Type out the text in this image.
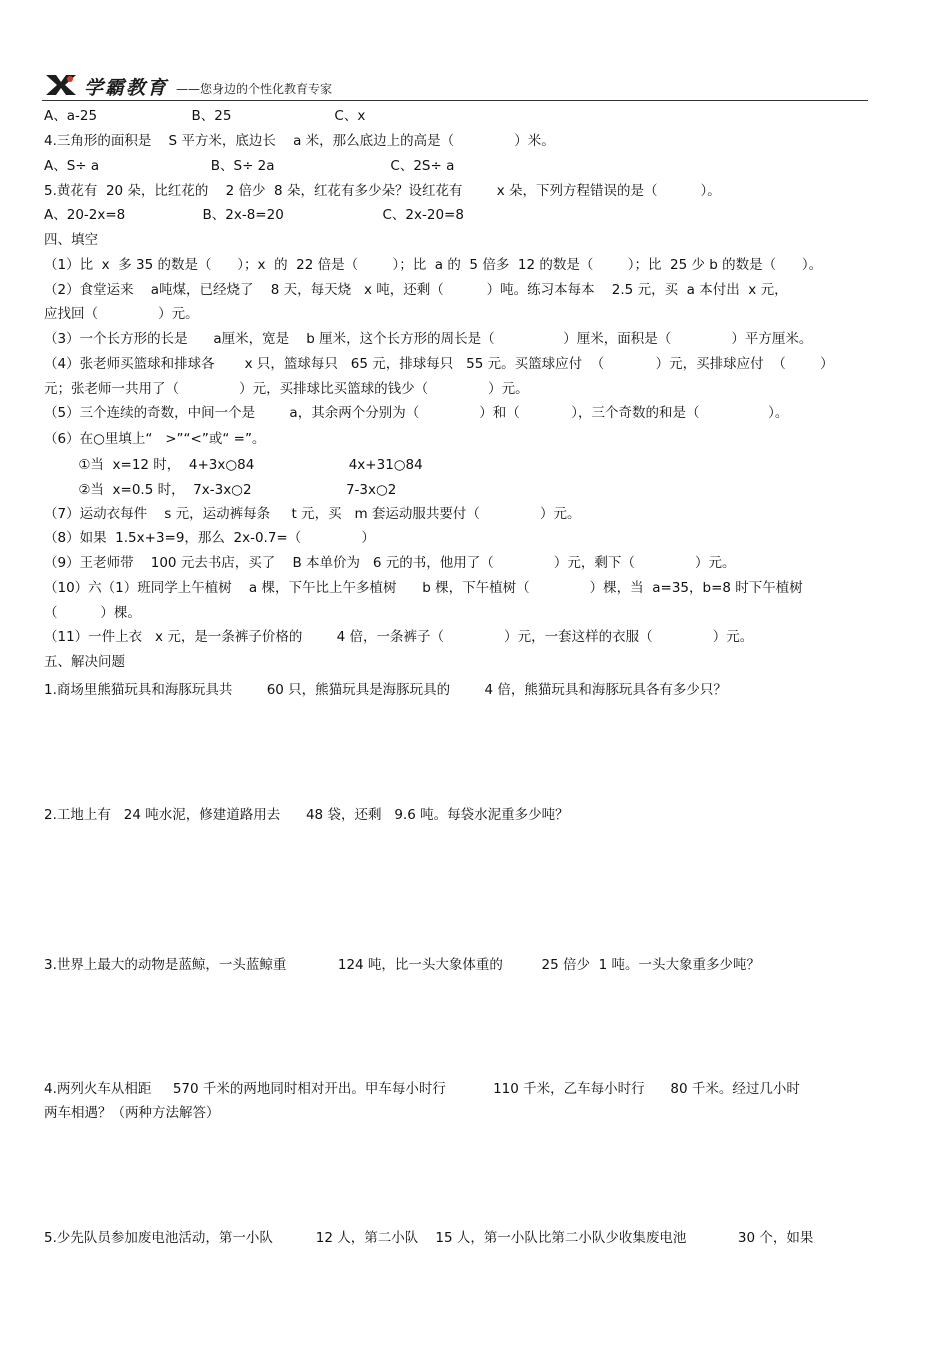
学霸教育 ——您身边的个性化教育专家
A、a-25                      B、25                        C、x
4.三角形的面积是    S 平方米，底边长    a 米，那么底边上的高是（              ）米。
A、S÷ a                          B、S÷ 2a                           C、2S÷ a
5.黄花有  20 朵，比红花的    2 倍少  8 朵，红花有多少朵？设红花有        x 朵，下列方程错误的是（          ）。
A、20-2x=8                  B、2x-8=20                       C、2x-20=8
四、填空
（1）比  x  多 35 的数是（      ）；x  的  22 倍是（        ）；比  a 的  5 倍多  12 的数是（        ）；比  25 少 b 的数是（      ）。
（2）食堂运来    a吨煤，已经烧了    8 天，每天烧   x 吨，还剩（          ）吨。练习本每本    2.5 元，买  a 本付出  x 元，
应找回（              ）元。
（3）一个长方形的长是      a厘米，宽是    b 厘米，这个长方形的周长是（                ）厘米，面积是（              ）平方厘米。
（4）张老师买篮球和排球各       x 只，篮球每只   65 元，排球每只   55 元。买篮球应付  （            ）元，买排球应付  （        ）
元；张老师一共用了（              ）元，买排球比买篮球的钱少（              ）元。
（5）三个连续的奇数，中间一个是        a，其余两个分别为（              ）和（            ），三个奇数的和是（                ）。
（6）在○里填上“   >”“<”或“ =”。
①当  x=12 时，  4+3x○84                      4x+31○84
②当  x=0.5 时，  7x-3x○2                      7-3x○2
（7）运动衣每件    s 元，运动裤每条     t 元，买   m 套运动服共要付（              ）元。
（8）如果  1.5x+3=9，那么  2x-0.7=（              ）
（9）王老师带    100 元去书店，买了    B 本单价为   6 元的书，他用了（              ）元，剩下（              ）元。
（10）六（1）班同学上午植树    a 棵，下午比上午多植树      b 棵，下午植树（              ）棵，当  a=35，b=8 时下午植树
（          ）棵。
（11）一件上衣   x 元，是一条裤子价格的        4 倍，一条裤子（              ）元，一套这样的衣服（              ）元。
五、解决问题
1.商场里熊猫玩具和海豚玩具共        60 只，熊猫玩具是海豚玩具的        4 倍，熊猫玩具和海豚玩具各有多少只？
2.工地上有   24 吨水泥，修建道路用去      48 袋，还剩   9.6 吨。每袋水泥重多少吨？
3.世界上最大的动物是蓝鲸，一头蓝鲸重            124 吨，比一头大象体重的         25 倍少  1 吨。一头大象重多少吨？
4.两列火车从相距     570 千米的两地同时相对开出。甲车每小时行           110 千米，乙车每小时行      80 千米。经过几小时
两车相遇？（两种方法解答）
5.少先队员参加废电池活动，第一小队          12 人，第二小队    15 人，第一小队比第二小队少收集废电池            30 个，如果
